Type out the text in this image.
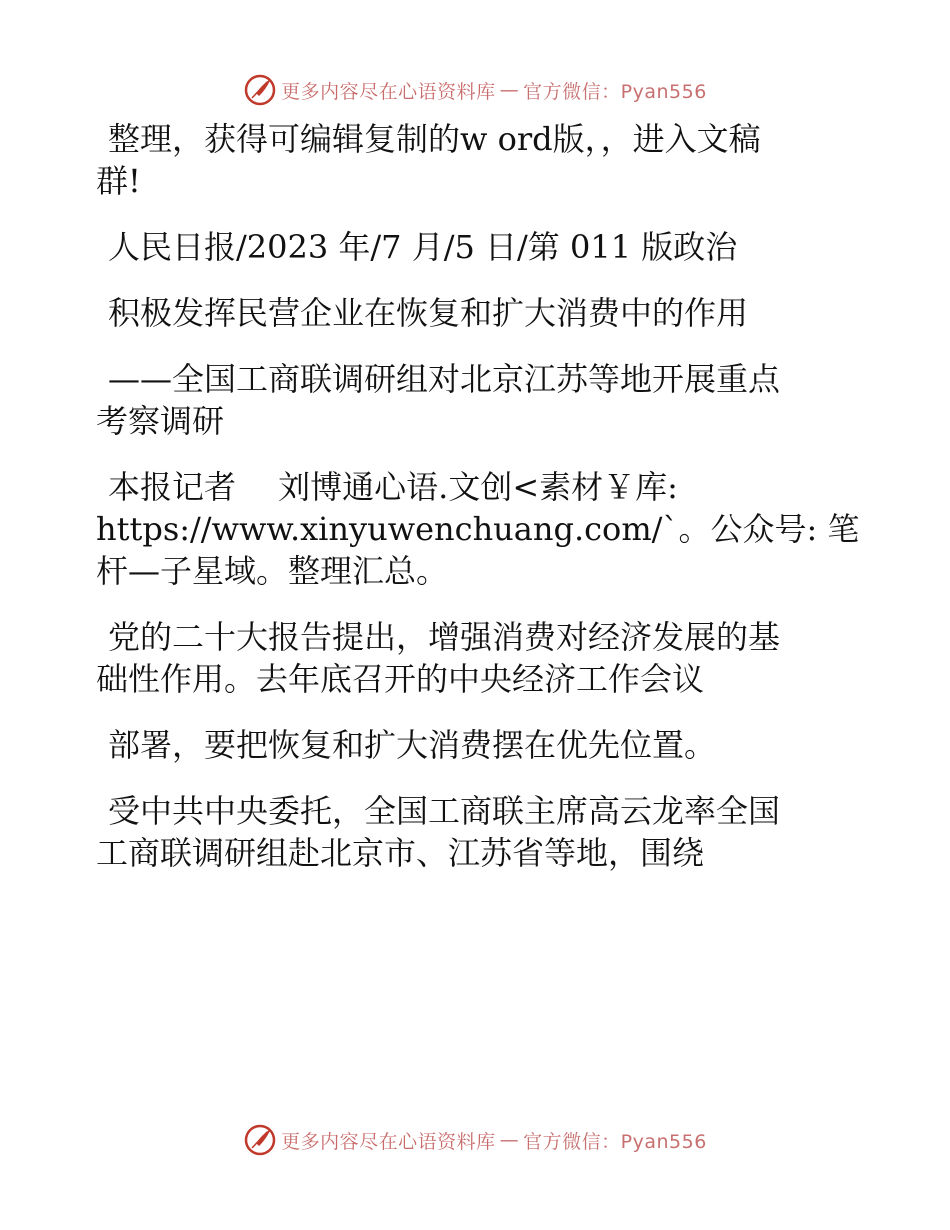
更多内容尽在心语资料库 — 官方微信：Pyan556
整理，获得可编辑复制的w ord版，，进入文稿
群!
人民日报/2023 年/7 月/5 日/第 011 版政治
积极发挥民营企业在恢复和扩大消费中的作用
——全国工商联调研组对北京江苏等地开展重点
考察调研
本报记者　 刘博通心语.文创<素材￥库:
https://www.xinyuwenchuang.com/`。公众号: 笔
杆—子星域。整理汇总。
党的二十大报告提出，增强消费对经济发展的基
础性作用。去年底召开的中央经济工作会议
部署，要把恢复和扩大消费摆在优先位置。
受中共中央委托，全国工商联主席高云龙率全国
工商联调研组赴北京市、江苏省等地，围绕
更多内容尽在心语资料库 — 官方微信：Pyan556
